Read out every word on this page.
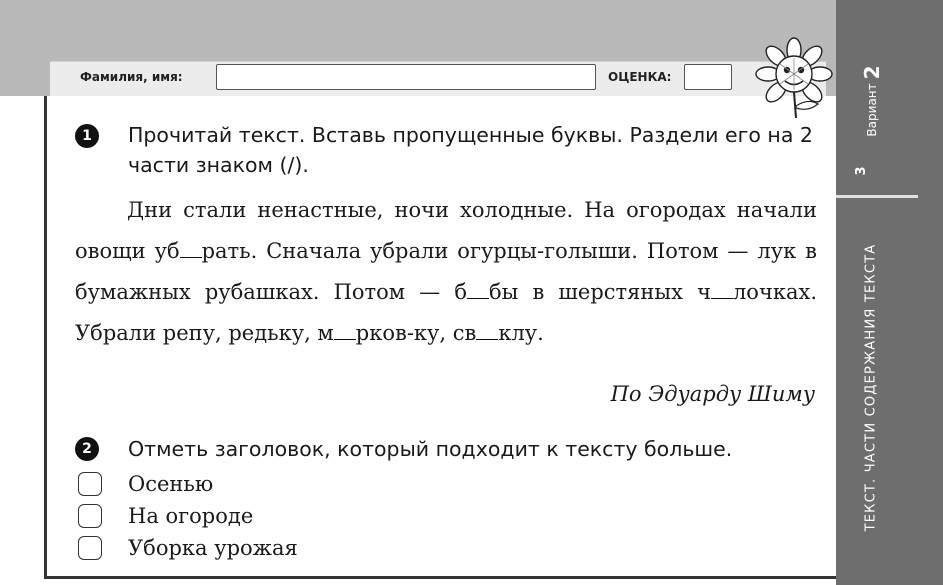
Фамилия, имя:	ОЦЕНКА:
Вариант
2
3
ТЕКСТ. ЧАСТИ СОДЕРЖАНИЯ ТЕКСТА
1	Прочитай текст. Вставь пропущенные буквы. Раздели его на 2 части знаком (/).
Дни стали ненастные, ночи холодные. На огородах начали овощи уб рать. Сначала убрали огурцы-голыши. Потом — лук в бумажных рубашках. Потом — б бы в шерстяных ч лочках. Убрали репу, редьку, м рков-ку, св клу.
По Эдуарду Шиму
2	Отметь заголовок, который подходит к тексту больше.
Осенью
На огороде
Уборка урожая
